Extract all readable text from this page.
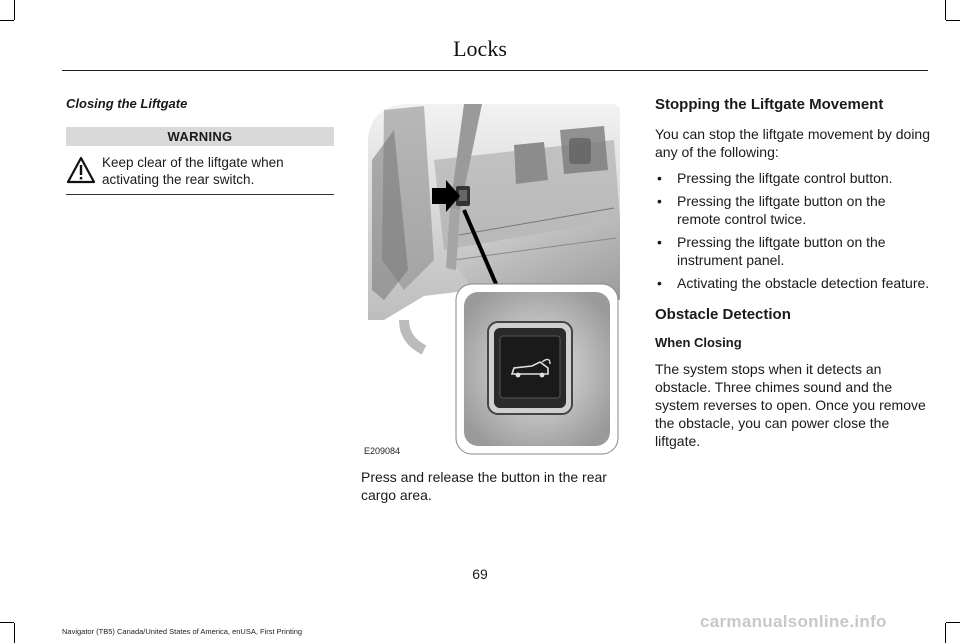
Locks
Closing the Liftgate
WARNING
Keep clear of the liftgate when activating the rear switch.
E209084
Press and release the button in the rear cargo area.
Stopping the Liftgate Movement
You can stop the liftgate movement by doing any of the following:
• Pressing the liftgate control button.
• Pressing the liftgate button on the remote control twice.
• Pressing the liftgate button on the instrument panel.
• Activating the obstacle detection feature.
Obstacle Detection
When Closing
The system stops when it detects an obstacle. Three chimes sound and the system reverses to open. Once you remove the obstacle, you can power close the liftgate.
69
Navigator (TB5) Canada/United States of America, enUSA, First Printing
carmanualsonline.info
